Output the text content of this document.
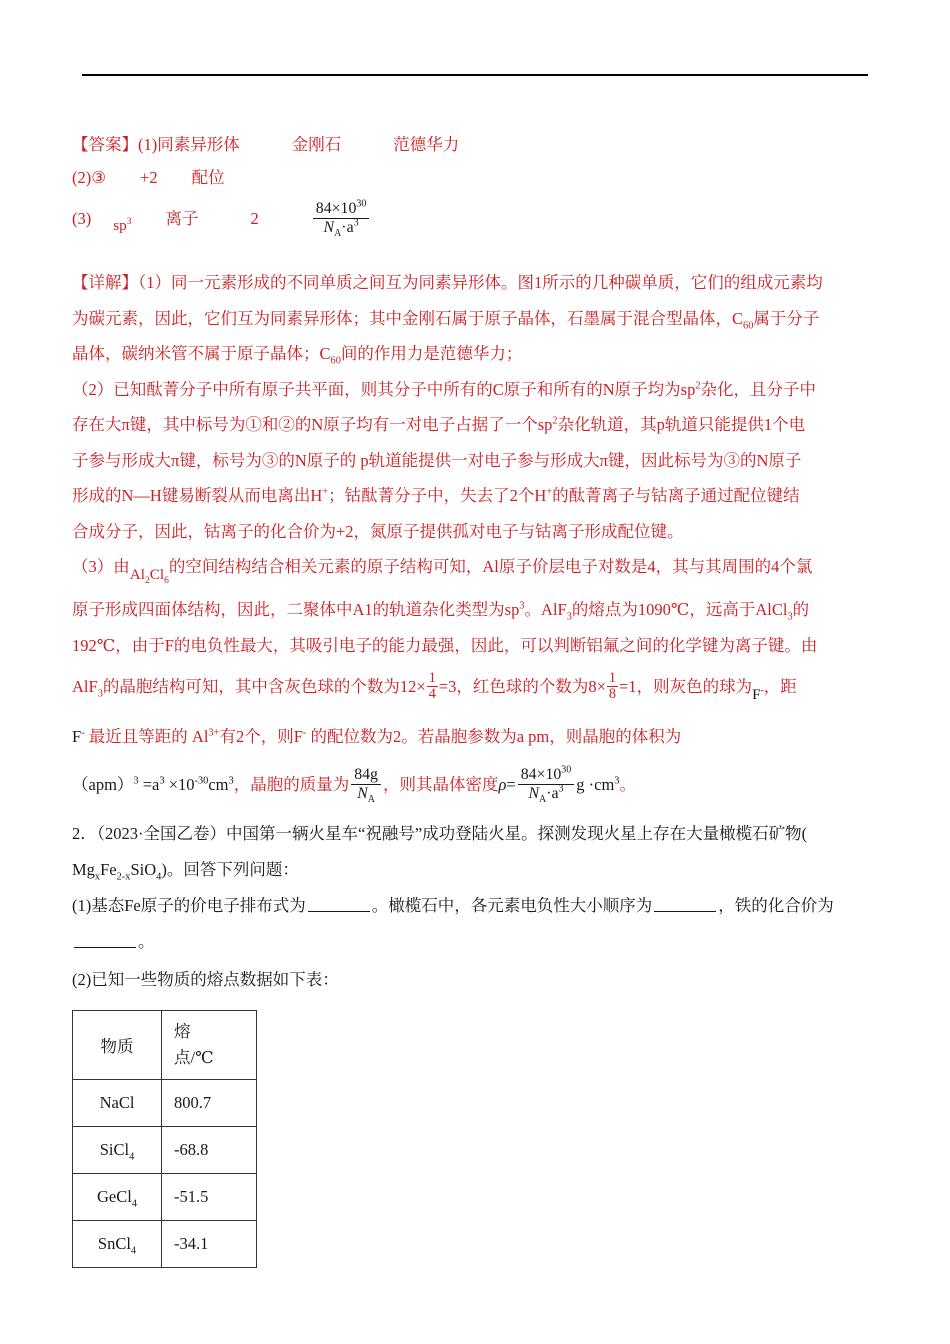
【答案】(1)同素异形体	金刚石	范德华力
(2)③ +2 配位
(3) $sp^3$ 离子	2	$\frac{84\times 10^{30}}{N_A\cdot a^3}$
【详解】（1）同一元素形成的不同单质之间互为同素异形体。图1所示的几种碳单质，它们的组成元素均
为碳元素，因此，它们互为同素异形体；其中金刚石属于原子晶体，石墨属于混合型晶体，$C_{60}$属于分子
晶体，碳纳米管不属于原子晶体；$C_{60}$间的作用力是范德华力；
（2）已知酞菁分子中所有原子共平面，则其分子中所有的C原子和所有的N原子均为$sp^2$杂化，且分子中
存在大π键，其中标号为①和②的N原子均有一对电子占据了一个$sp^2$杂化轨道，其p轨道只能提供1个电
子参与形成大π键，标号为③的N原子的 p轨道能提供一对电子参与形成大π键，因此标号为③的N原子
形成的N—H键易断裂从而电离出H+；钴酞菁分子中，失去了2个H+的酞菁离子与钴离子通过配位键结
合成分子，因此，钴离子的化合价为+2，氮原子提供孤对电子与钴离子形成配位键。
（3）由$Al_2Cl_6$的空间结构结合相关元素的原子结构可知，Al原子价层电子对数是4，其与其周围的4个氯
原子形成四面体结构，因此，二聚体中A1的轨道杂化类型为$sp^3$。AlF$_3$的熔点为1090℃，远高于AlCl$_3$的
192℃，由于F的电负性最大，其吸引电子的能力最强，因此，可以判断铝氟之间的化学键为离子键。由
AlF$_3$的晶胞结构可知，其中含灰色球的个数为$12\times \frac{1}{4} =3$，红色球的个数为$8\times \frac{1}{8} =1$，则灰色的球为F-，距
F- 最近且等距的 $Al^{3+}$有2个，则F- 的配位数为2。若晶胞参数为a pm，则晶胞的体积为
$(apm)^3 =a^3 \times 10^{-30}cm^3$，晶胞的质量为 $\frac{84g}{N_A}$ ，则其晶体密度$\rho= \frac{84\times 10^{30}}{N_A\cdot a^3}$ $g \cdot cm^3$。
2．（2023·全国乙卷）中国第一辆火星车“祝融号”成功登陆火星。探测发现火星上存在大量橄榄石矿物(
$Mg_xFe_{2-x}SiO_4$)。回答下列问题：
(1)基态Fe原子的价电子排布式为	。橄榄石中，各元素电负性大小顺序为	，铁的化合价为
。
(2)已知一些物质的熔点数据如下表：
物质	熔
点/℃

NaCl	800.7
SiCl$_4$	-68.8
GeCl$_4$	-51.5
SnCl$_4$	-34.1
